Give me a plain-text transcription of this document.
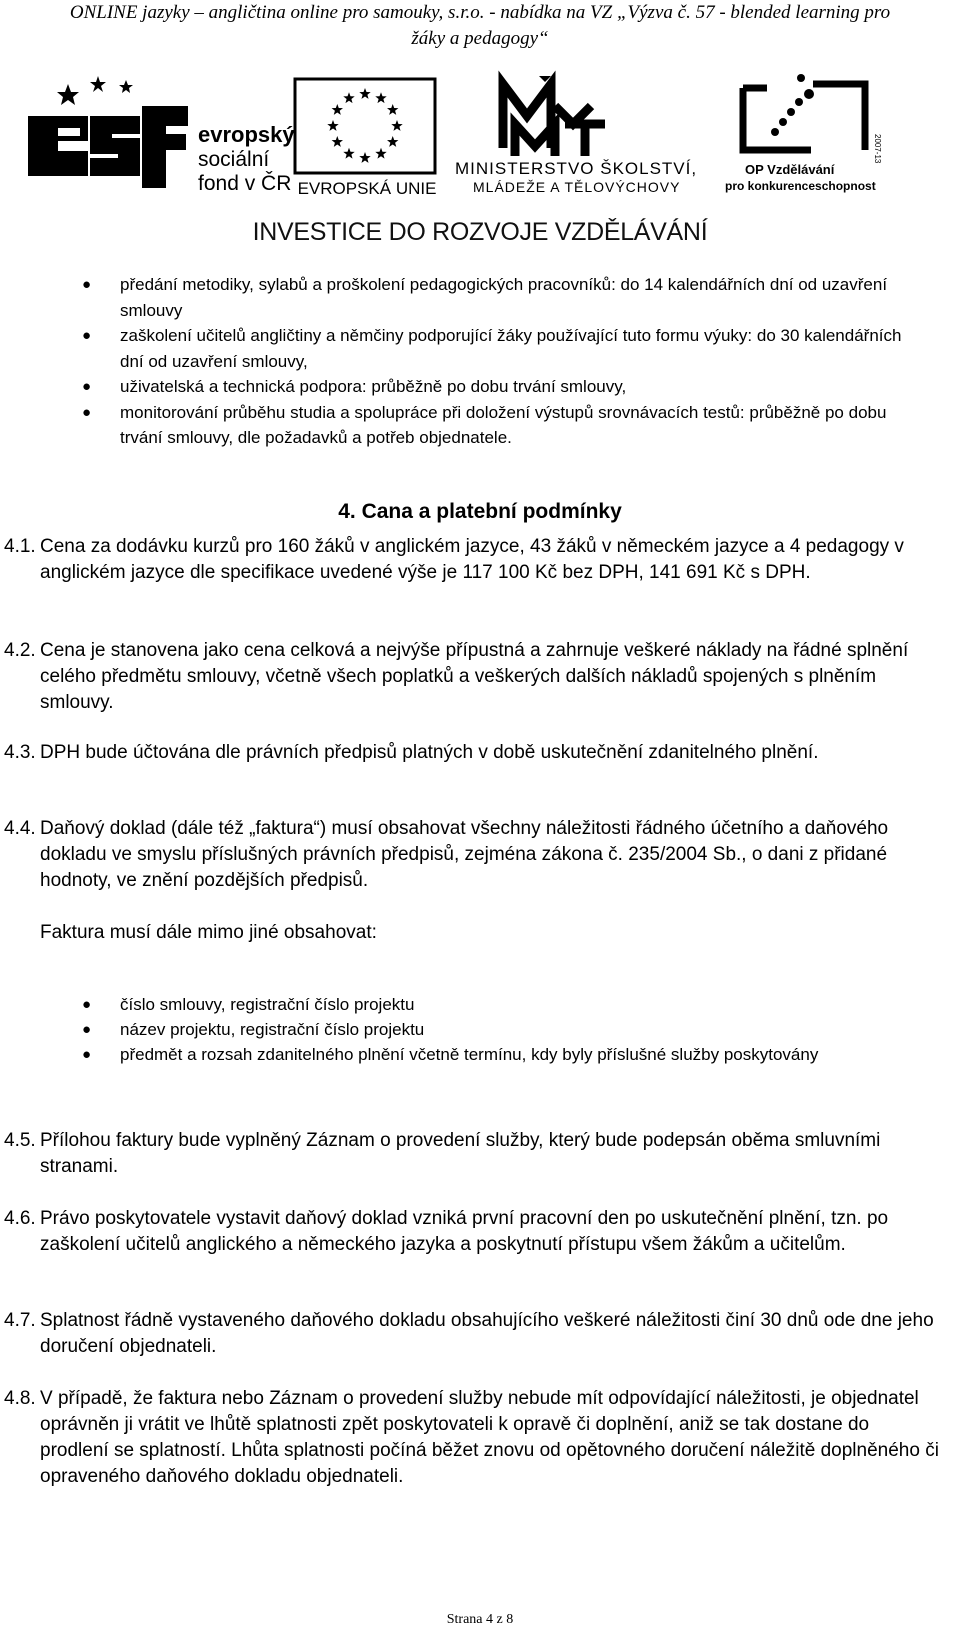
ONLINE jazyky – angličtina online pro samouky, s.r.o. - nabídka na VZ „Výzva č. 57 - blended learning pro
žáky a pedagogy“
evropský
sociální
fond v ČR EVROPSKÁ UNIE
MINISTERSTVO ŠKOLSTVÍ,
MLÁDEŽE A TĚLOVÝCHOVY
2007-13
OP Vzdělávání
pro konkurenceschopnost
INVESTICE DO ROZVOJE VZDĚLÁVÁNÍ
● předání metodiky, sylabů a proškolení pedagogických pracovníků: do 14 kalendářních dní od uzavření smlouvy
● zaškolení učitelů angličtiny a němčiny podporující žáky používající tuto formu výuky: do 30 kalendářních dní od uzavření smlouvy,
● uživatelská a technická podpora: průběžně po dobu trvání smlouvy,
● monitorování průběhu studia a spolupráce při doložení výstupů srovnávacích testů: průběžně po dobu trvání smlouvy, dle požadavků a potřeb objednatele.
4. Cana a platební podmínky
4.1. Cena za dodávku kurzů pro 160 žáků v anglickém jazyce, 43 žáků v německém jazyce a 4 pedagogy v anglickém jazyce dle specifikace uvedené výše je 117 100 Kč bez DPH, 141 691 Kč s DPH.
4.2. Cena je stanovena jako cena celková a nejvýše přípustná a zahrnuje veškeré náklady na řádné splnění celého předmětu smlouvy, včetně všech poplatků a veškerých dalších nákladů spojených s plněním smlouvy.
4.3. DPH bude účtována dle právních předpisů platných v době uskutečnění zdanitelného plnění.
4.4. Daňový doklad (dále též „faktura“) musí obsahovat všechny náležitosti řádného účetního a daňového dokladu ve smyslu příslušných právních předpisů, zejména zákona č. 235/2004 Sb., o dani z přidané hodnoty, ve znění pozdějších předpisů.
Faktura musí dále mimo jiné obsahovat:
● číslo smlouvy, registrační číslo projektu
● název projektu, registrační číslo projektu
● předmět a rozsah zdanitelného plnění včetně termínu, kdy byly příslušné služby poskytovány
4.5. Přílohou faktury bude vyplněný Záznam o provedení služby, který bude podepsán oběma smluvními stranami.
4.6. Právo poskytovatele vystavit daňový doklad vzniká první pracovní den po uskutečnění plnění, tzn. po zaškolení učitelů anglického a německého jazyka a poskytnutí přístupu všem žákům a učitelům.
4.7. Splatnost řádně vystaveného daňového dokladu obsahujícího veškeré náležitosti činí 30 dnů ode dne jeho doručení objednateli.
4.8. V případě, že faktura nebo Záznam o provedení služby nebude mít odpovídající náležitosti, je objednatel oprávněn ji vrátit ve lhůtě splatnosti zpět poskytovateli k opravě či doplnění, aniž se tak dostane do prodlení se splatností. Lhůta splatnosti počíná běžet znovu od opětovného doručení náležitě doplněného či opraveného daňového dokladu objednateli.
Strana 4 z 8
